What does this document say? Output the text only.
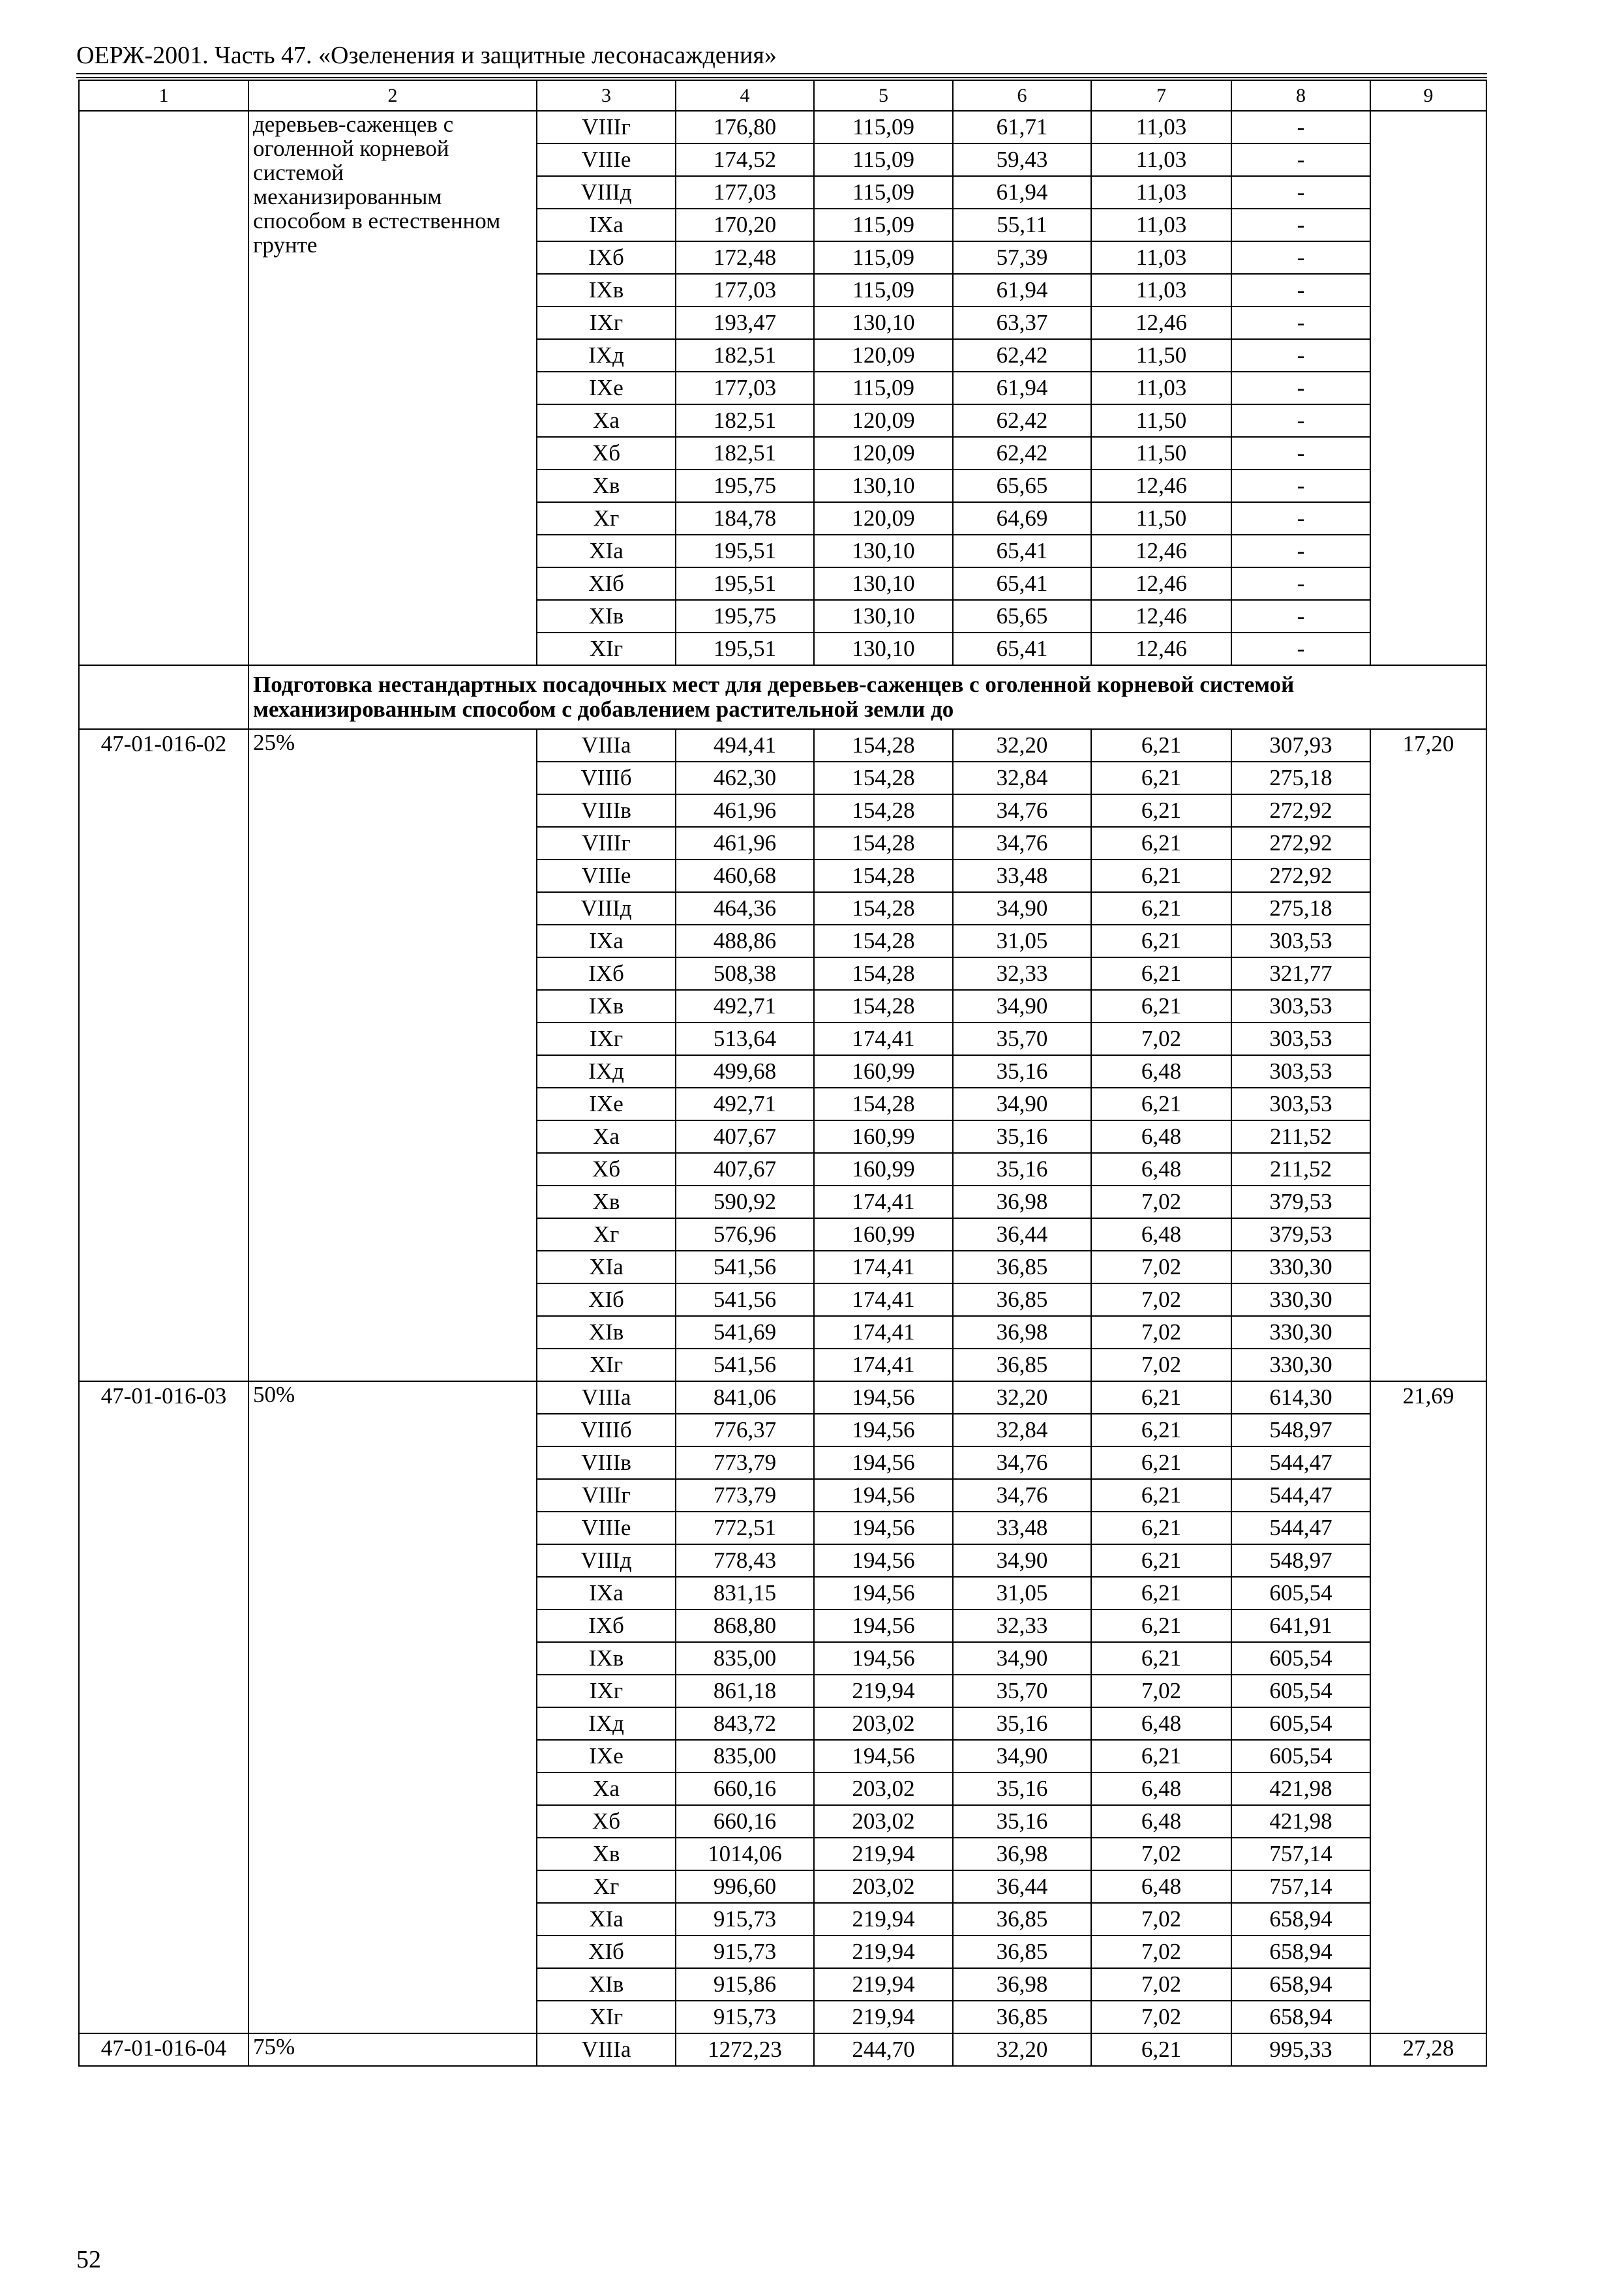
ОЕРЖ-2001. Часть 47. «Озеленения и защитные лесонасаждения»
1	2	3	4	5	6	7	8	9
	деревьев-саженцев с оголенной корневой системой механизированным способом в естественном грунте	VIIIг	176,80	115,09	61,71	11,03	-	
		VIIIе	174,52	115,09	59,43	11,03	-	
		VIIIд	177,03	115,09	61,94	11,03	-	
		IXа	170,20	115,09	55,11	11,03	-	
		IXб	172,48	115,09	57,39	11,03	-	
		IXв	177,03	115,09	61,94	11,03	-	
		IXг	193,47	130,10	63,37	12,46	-	
		IXд	182,51	120,09	62,42	11,50	-	
		IXе	177,03	115,09	61,94	11,03	-	
		Xа	182,51	120,09	62,42	11,50	-	
		Xб	182,51	120,09	62,42	11,50	-	
		Xв	195,75	130,10	65,65	12,46	-	
		Xг	184,78	120,09	64,69	11,50	-	
		XIа	195,51	130,10	65,41	12,46	-	
		XIб	195,51	130,10	65,41	12,46	-	
		XIв	195,75	130,10	65,65	12,46	-	
		XIг	195,51	130,10	65,41	12,46	-	
	Подготовка нестандартных посадочных мест для деревьев-саженцев с оголенной корневой системой механизированным способом с добавлением растительной земли до							
47-01-016-02	25%	VIIIа	494,41	154,28	32,20	6,21	307,93	17,20
		VIIIб	462,30	154,28	32,84	6,21	275,18	
		VIIIв	461,96	154,28	34,76	6,21	272,92	
		VIIIг	461,96	154,28	34,76	6,21	272,92	
		VIIIе	460,68	154,28	33,48	6,21	272,92	
		VIIIд	464,36	154,28	34,90	6,21	275,18	
		IXа	488,86	154,28	31,05	6,21	303,53	
		IXб	508,38	154,28	32,33	6,21	321,77	
		IXв	492,71	154,28	34,90	6,21	303,53	
		IXг	513,64	174,41	35,70	7,02	303,53	
		IXд	499,68	160,99	35,16	6,48	303,53	
		IXе	492,71	154,28	34,90	6,21	303,53	
		Xа	407,67	160,99	35,16	6,48	211,52	
		Xб	407,67	160,99	35,16	6,48	211,52	
		Xв	590,92	174,41	36,98	7,02	379,53	
		Xг	576,96	160,99	36,44	6,48	379,53	
		XIа	541,56	174,41	36,85	7,02	330,30	
		XIб	541,56	174,41	36,85	7,02	330,30	
		XIв	541,69	174,41	36,98	7,02	330,30	
		XIг	541,56	174,41	36,85	7,02	330,30	
47-01-016-03	50%	VIIIа	841,06	194,56	32,20	6,21	614,30	21,69
		VIIIб	776,37	194,56	32,84	6,21	548,97	
		VIIIв	773,79	194,56	34,76	6,21	544,47	
		VIIIг	773,79	194,56	34,76	6,21	544,47	
		VIIIе	772,51	194,56	33,48	6,21	544,47	
		VIIIд	778,43	194,56	34,90	6,21	548,97	
		IXа	831,15	194,56	31,05	6,21	605,54	
		IXб	868,80	194,56	32,33	6,21	641,91	
		IXв	835,00	194,56	34,90	6,21	605,54	
		IXг	861,18	219,94	35,70	7,02	605,54	
		IXд	843,72	203,02	35,16	6,48	605,54	
		IXе	835,00	194,56	34,90	6,21	605,54	
		Xа	660,16	203,02	35,16	6,48	421,98	
		Xб	660,16	203,02	35,16	6,48	421,98	
		Xв	1014,06	219,94	36,98	7,02	757,14	
		Xг	996,60	203,02	36,44	6,48	757,14	
		XIа	915,73	219,94	36,85	7,02	658,94	
		XIб	915,73	219,94	36,85	7,02	658,94	
		XIв	915,86	219,94	36,98	7,02	658,94	
		XIг	915,73	219,94	36,85	7,02	658,94	
47-01-016-04	75%	VIIIа	1272,23	244,70	32,20	6,21	995,33	27,28
52
